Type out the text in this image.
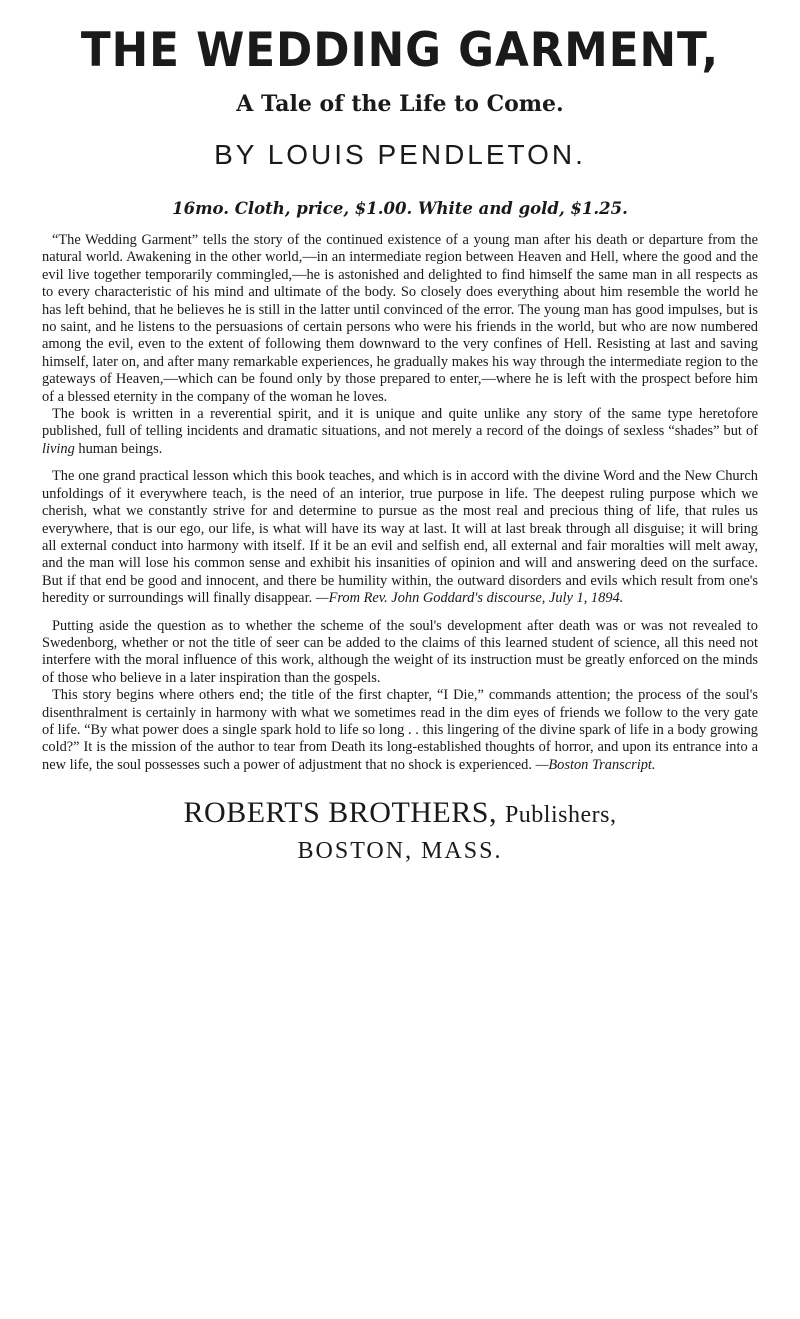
THE WEDDING GARMENT,
A Tale of the Life to Come.
BY LOUIS PENDLETON.
16mo. Cloth, price, $1.00. White and gold, $1.25.

“The Wedding Garment” tells the story of the continued existence of a young man after his death or departure from the natural world. Awakening in the other world,—in an intermediate region between Heaven and Hell, where the good and the evil live together temporarily commingled,—he is astonished and delighted to find himself the same man in all respects as to every characteristic of his mind and ultimate of the body. So closely does everything about him resemble the world he has left behind, that he believes he is still in the latter until convinced of the error. The young man has good impulses, but is no saint, and he listens to the persuasions of certain persons who were his friends in the world, but who are now numbered among the evil, even to the extent of following them downward to the very confines of Hell. Resisting at last and saving himself, later on, and after many remarkable experiences, he gradually makes his way through the intermediate region to the gateways of Heaven,—which can be found only by those prepared to enter,—where he is left with the prospect before him of a blessed eternity in the company of the woman he loves.

The book is written in a reverential spirit, and it is unique and quite unlike any story of the same type heretofore published, full of telling incidents and dramatic situations, and not merely a record of the doings of sexless “shades” but of living human beings.

The one grand practical lesson which this book teaches, and which is in accord with the divine Word and the New Church unfoldings of it everywhere teach, is the need of an interior, true purpose in life. The deepest ruling purpose which we cherish, what we constantly strive for and determine to pursue as the most real and precious thing of life, that rules us everywhere, that is our ego, our life, is what will have its way at last. It will at last break through all disguise; it will bring all external conduct into harmony with itself. If it be an evil and selfish end, all external and fair moralties will melt away, and the man will lose his common sense and exhibit his insanities of opinion and will and answering deed on the surface. But if that end be good and innocent, and there be humility within, the outward disorders and evils which result from one's heredity or surroundings will finally disappear. —From Rev. John Goddard's discourse, July 1, 1894.

Putting aside the question as to whether the scheme of the soul's development after death was or was not revealed to Swedenborg, whether or not the title of seer can be added to the claims of this learned student of science, all this need not interfere with the moral influence of this work, although the weight of its instruction must be greatly enforced on the minds of those who believe in a later inspiration than the gospels.

This story begins where others end; the title of the first chapter, “I Die,” commands attention; the process of the soul's disenthralment is certainly in harmony with what we sometimes read in the dim eyes of friends we follow to the very gate of life. “By what power does a single spark hold to life so long . . this lingering of the divine spark of life in a body growing cold?” It is the mission of the author to tear from Death its long-established thoughts of horror, and upon its entrance into a new life, the soul possesses such a power of adjustment that no shock is experienced. —Boston Transcript.

ROBERTS BROTHERS, Publishers,
BOSTON, MASS.
